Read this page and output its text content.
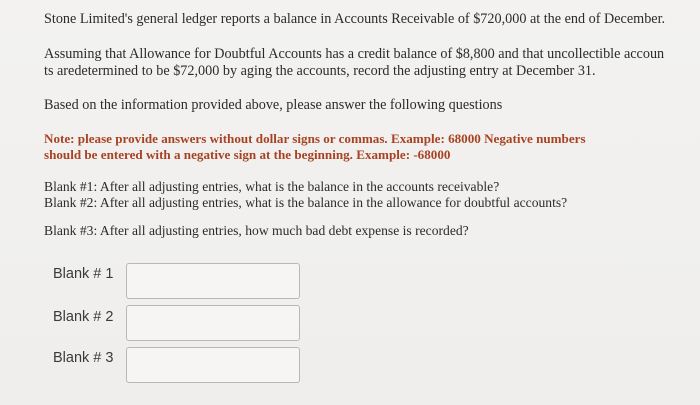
Stone Limited's general ledger reports a balance in Accounts Receivable of $720,000 at the end of December.

Assuming that Allowance for Doubtful Accounts has a credit balance of $8,800 and that uncollectible accoun
ts aredetermined to be $72,000 by aging the accounts, record the adjusting entry at December 31.

Based on the information provided above, please answer the following questions

Note: please provide answers without dollar signs or commas. Example: 68000 Negative numbers
should be entered with a negative sign at the beginning. Example: -68000

Blank #1: After all adjusting entries, what is the balance in the accounts receivable?

Blank #2: After all adjusting entries, what is the balance in the allowance for doubtful accounts?

Blank #3: After all adjusting entries, how much bad debt expense is recorded?

Blank # 1
Blank # 2
Blank # 3
